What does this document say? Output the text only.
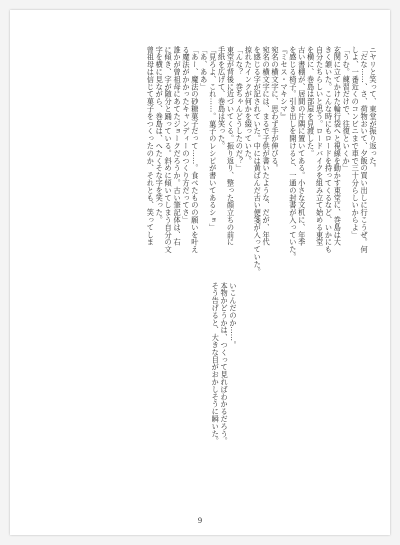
ニヤリと笑って、東堂が振り返った。
「だな……、さ、荷物おいて、夕飯の買い出しに行こうぜ。何
しよ、一番近くのコンビニまで車で三十分らしいからよ」
「うむ。練習だけで、往復といくか」
玄関に立てかけた輪行袋へと視線を動かす東堂に、巻島は大
きく頷いた。こんな時にもロードを持ってくるなど、いかにも
自分たちらしいと思う。ロードバイクを組み立て始める東堂
を横に、巻島は部屋を見渡した。
古い書棚が、居間の片隅に置いてある。小さな文机に、年季
を感じる椅子。引き出しを開けると、一通の封書が入っていた。
『ミセス・マキシマ』
宛名の横文字に、思わず手が伸びる。
宛名の横文字には、まるで子供が書いたような、だが、年代
を感じる字が記されていた。中には黄ばんだ古い便箋が入っていた。
掠れたインクが何かを綴っていた。
「んな？　巻ちゃんどうしたのだ？」
東堂が背後に近づいてくる。振り返り、整った顔立ちの前に
手紙を広げて、巻島は笑った。
「見ろよ、これ……。菓子のレシピが書いてあるショ」
「あ、ああ」
「あー、魔法の砂糖菓子だって……。食べたものの願いを叶え
る魔法がかかったキャンディーのつくり方だってさ」
誰かが曾祖母にあてたジョークだろうか。古い筆記体は、右
に傾き、字が随分と踊っている。斜めに傾いてしまう自分の文
字を横に見ながら、巻島は、へたくそな字を笑った。
曾祖母は信じて菓子をつくったのか、それとも、笑ってしま
いこんだのか……。
本物かどうかは、つくって見ればわかるだろう。
そう告げると、大きな目がおかしそうに瞬いた。
9
